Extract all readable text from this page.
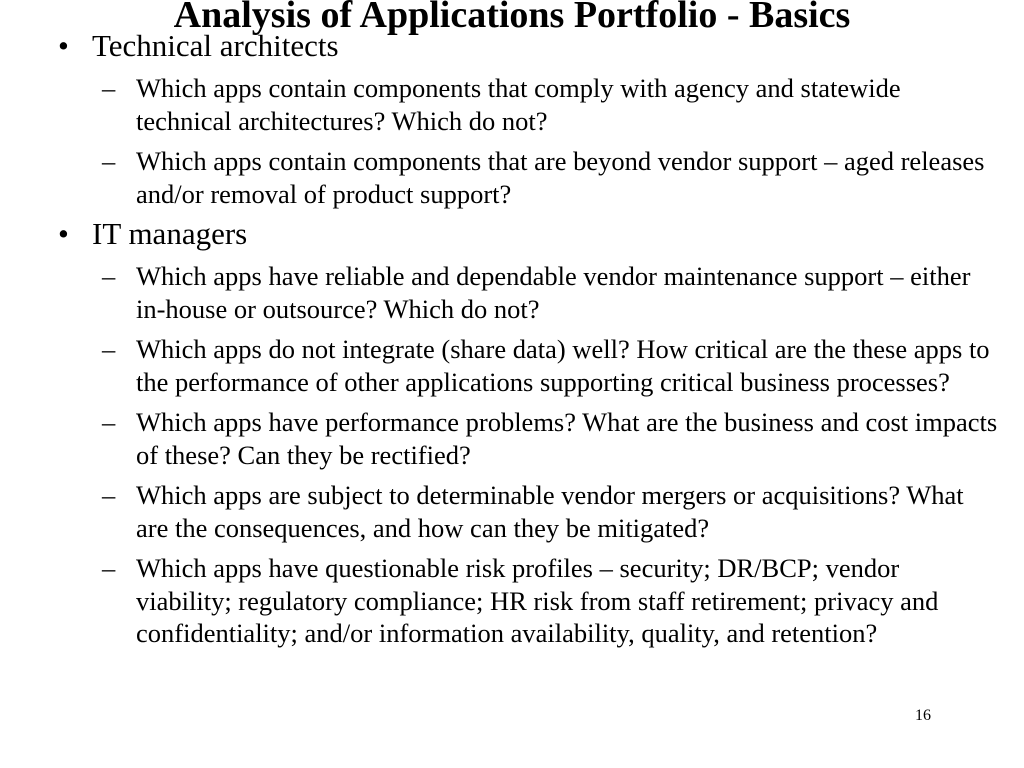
Analysis of Applications Portfolio - Basics
• Technical architects
– Which apps contain components that comply with agency and statewide technical architectures? Which do not?
– Which apps contain components that are beyond vendor support – aged releases and/or removal of product support?
• IT managers
– Which apps have reliable and dependable vendor maintenance support – either in-house or outsource? Which do not?
– Which apps do not integrate (share data) well? How critical are the these apps to the performance of other applications supporting critical business processes?
– Which apps have performance problems? What are the business and cost impacts of these? Can they be rectified?
– Which apps are subject to determinable vendor mergers or acquisitions? What are the consequences, and how can they be mitigated?
– Which apps have questionable risk profiles – security; DR/BCP; vendor viability; regulatory compliance; HR risk from staff retirement; privacy and confidentiality; and/or information availability, quality, and retention?
16
